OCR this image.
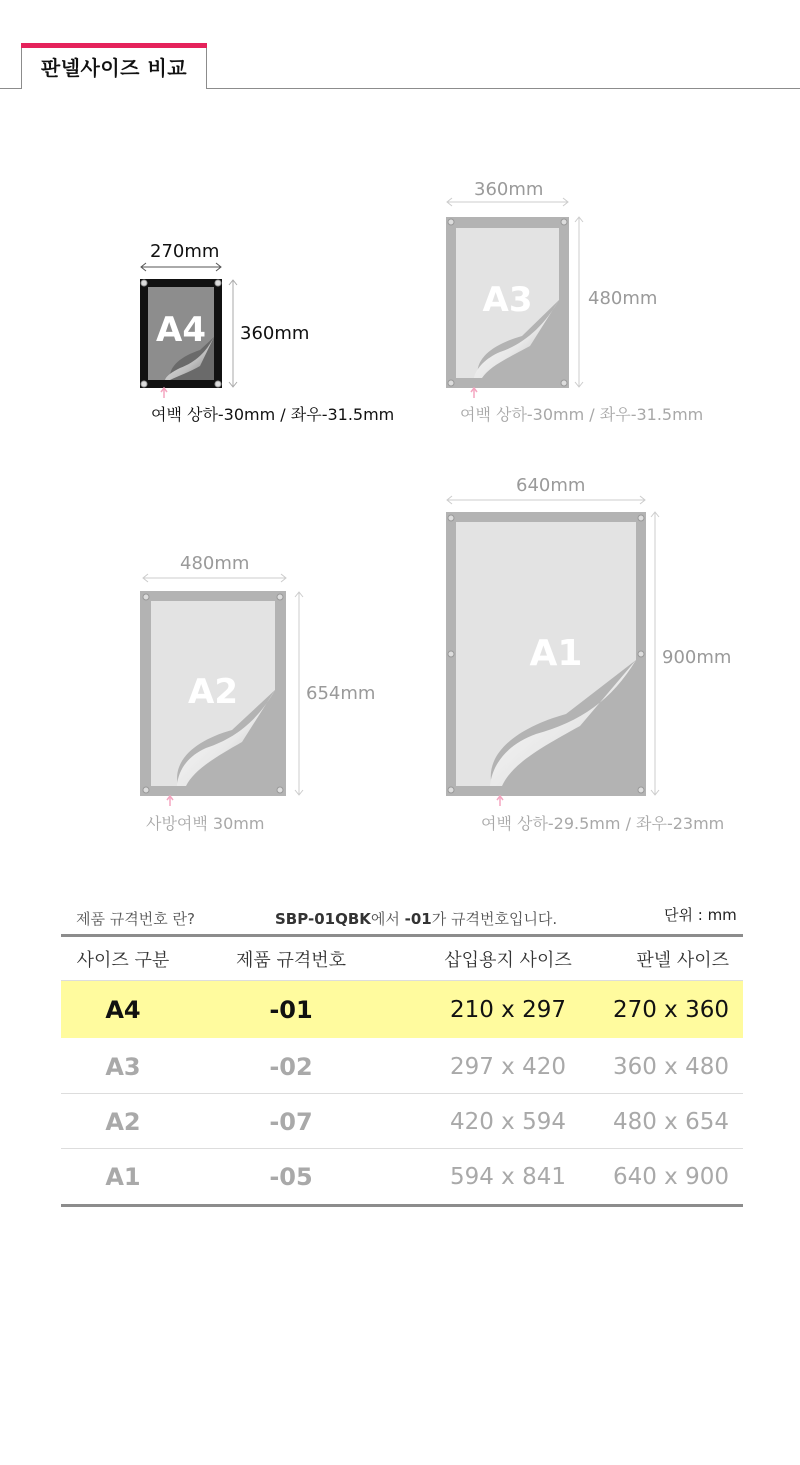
판넬사이즈 비교
A4
A3
A2
A1
270mm
360mm
여백 상하-30mm / 좌우-31.5mm
360mm
480mm
여백 상하-30mm / 좌우-31.5mm
480mm
654mm
사방여백 30mm
640mm
900mm
여백 상하-29.5mm / 좌우-23mm
제품 규격번호 란?	SBP-01QBK에서 -01가 규격번호입니다.	단위 : mm
사이즈 구분	제품 규격번호	삽입용지 사이즈	판넬 사이즈
A4	-01	210 x 297	270 x 360
A3	-02	297 x 420	360 x 480
A2	-07	420 x 594	480 x 654
A1	-05	594 x 841	640 x 900
